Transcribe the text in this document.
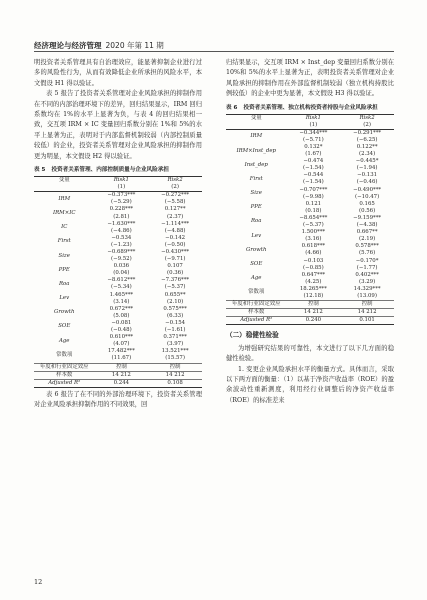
经济理论与经济管理 2020 年第 11 期

明投资者关系管理具有自治理效应，能显著抑制企业进行过多的风险性行为，从而有效降低企业所承担的风险水平，本文假设 H1 得以验证。

表 5 报告了投资者关系管理对企业风险承担的抑制作用在不同的内部治理环境下的差异，回归结果显示，IRM 回归系数均在 1%的水平上显著为负，与表 4 的回归结果相一致，交互项 IRM × IC 变量回归系数分别在 1%和 5%的水平上显著为正，表明对于内部监督机制较弱（内部控制质量较低）的企业，投资者关系管理对企业风险承担的抑制作用更为明显，本文假设 H2 得以验证。

表 5 投资者关系管理、内部控制质量与企业风险承担
变量	Risk1	Risk2
	(1)	(2)
IRM	−0.373***	−0.272***
	(−5.29)	(−5.58)
IRM×IC	0.228***	0.127**
	(2.81)	(2.37)
IC	−1.630***	−1.114***
	(−4.86)	(−4.88)
First	−0.534	−0.142
	(−1.23)	(−0.50)
Size	−0.689***	−0.430***
	(−9.52)	(−9.71)
PPE	0.036	0.107
	(0.04)	(0.36)
Roa	−8.612***	−7.376***
	(−5.34)	(−5.37)
Lev	1.465***	0.655**
	(3.14)	(2.10)
Growth	0.672***	0.575***
	(5.08)	(6.33)
SOE	−0.081	−0.154
	(−0.48)	(−1.61)
Age	0.610***	0.371***
	(4.07)	(3.97)
常数项	17.482***	13.521***
	(11.67)	(15.57)
年度和行业固定效应	控制	控制
样本数	14 212	14 212
Adjusted R²	0.244	0.108

表 6 报告了在不同的外部治理环境下，投资者关系管理对企业风险承担抑制作用的不同效果，回

归结果显示，交互项 IRM × Inst_dep 变量回归系数分别在 10%和 5%的水平上显著为正，表明投资者关系管理对企业风险承担的抑制作用在外部监督机制较弱（独立机构持股比例较低）的企业中更为显著，本文假设 H3 得以验证。

表 6 投资者关系管理、独立机构投资者持股与企业风险承担
变量	Risk1	Risk2
	(1)	(2)
IRM	−0.344***	−0.291***
	(−5.71)	(−6.25)
IRM×Inst_dep	0.132*	0.122**
	(1.67)	(2.34)
Inst_dep	−0.474	−0.445*
	(−1.54)	(−1.94)
First	−0.544	−0.131
	(−1.54)	(−0.46)
Size	−0.707***	−0.490***
	(−9.98)	(−10.47)
PPE	0.121	0.165
	(0.18)	(0.56)
Roa	−8.654***	−9.159***
	(−5.37)	(−4.38)
Lev	1.500***	0.667**
	(3.16)	(2.19)
Growth	0.618***	0.578***
	(4.66)	(5.76)
SOE	−0.103	−0.170*
	(−0.85)	(−1.77)
Age	0.647***	0.402***
	(4.25)	(3.29)
常数项	18.265***	14.329***
	(12.18)	(13.09)
年度和行业固定效应	控制	控制
样本数	14 212	14 212
Adjusted R²	0.240	0.101
（二）稳健性检验

为增强研究结果的可靠性，本文进行了以下几方面的稳健性检验。

1. 变更企业风险承担水平的衡量方式。具体而言，采取以下两方面的衡量：（1）以基于净资产收益率（ROE）的盈余波动性重新测度，利用经行业调整后的净资产收益率（ROE）的标准差来

12
